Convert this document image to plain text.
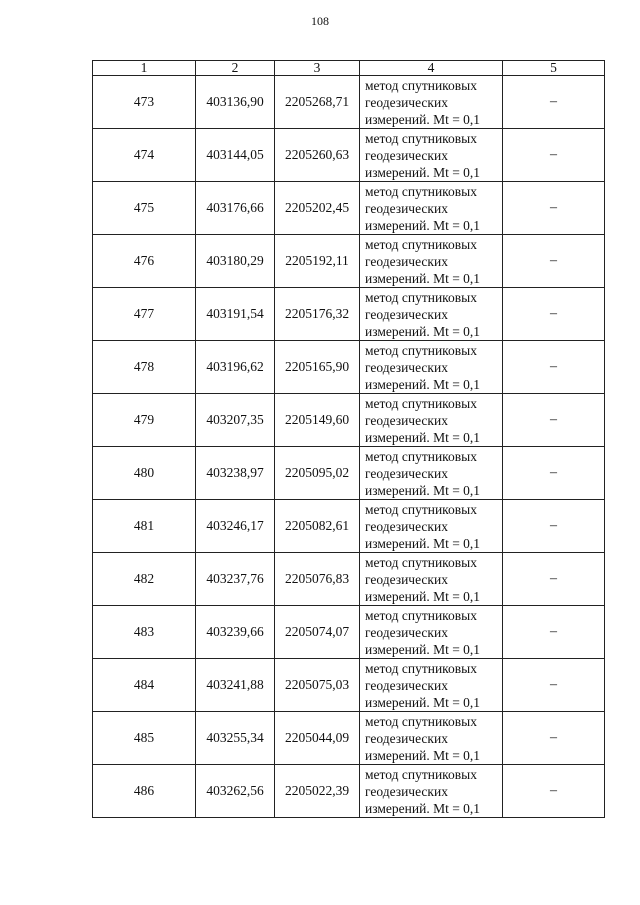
108
1	2	3	4	5
473	403136,90	2205268,71	метод спутниковых
геодезических
измерений. Mt = 0,1	–
474	403144,05	2205260,63	метод спутниковых
геодезических
измерений. Mt = 0,1	–
475	403176,66	2205202,45	метод спутниковых
геодезических
измерений. Mt = 0,1	–
476	403180,29	2205192,11	метод спутниковых
геодезических
измерений. Mt = 0,1	–
477	403191,54	2205176,32	метод спутниковых
геодезических
измерений. Mt = 0,1	–
478	403196,62	2205165,90	метод спутниковых
геодезических
измерений. Mt = 0,1	–
479	403207,35	2205149,60	метод спутниковых
геодезических
измерений. Mt = 0,1	–
480	403238,97	2205095,02	метод спутниковых
геодезических
измерений. Mt = 0,1	–
481	403246,17	2205082,61	метод спутниковых
геодезических
измерений. Mt = 0,1	–
482	403237,76	2205076,83	метод спутниковых
геодезических
измерений. Mt = 0,1	–
483	403239,66	2205074,07	метод спутниковых
геодезических
измерений. Mt = 0,1	–
484	403241,88	2205075,03	метод спутниковых
геодезических
измерений. Mt = 0,1	–
485	403255,34	2205044,09	метод спутниковых
геодезических
измерений. Mt = 0,1	–
486	403262,56	2205022,39	метод спутниковых
геодезических
измерений. Mt = 0,1	–
